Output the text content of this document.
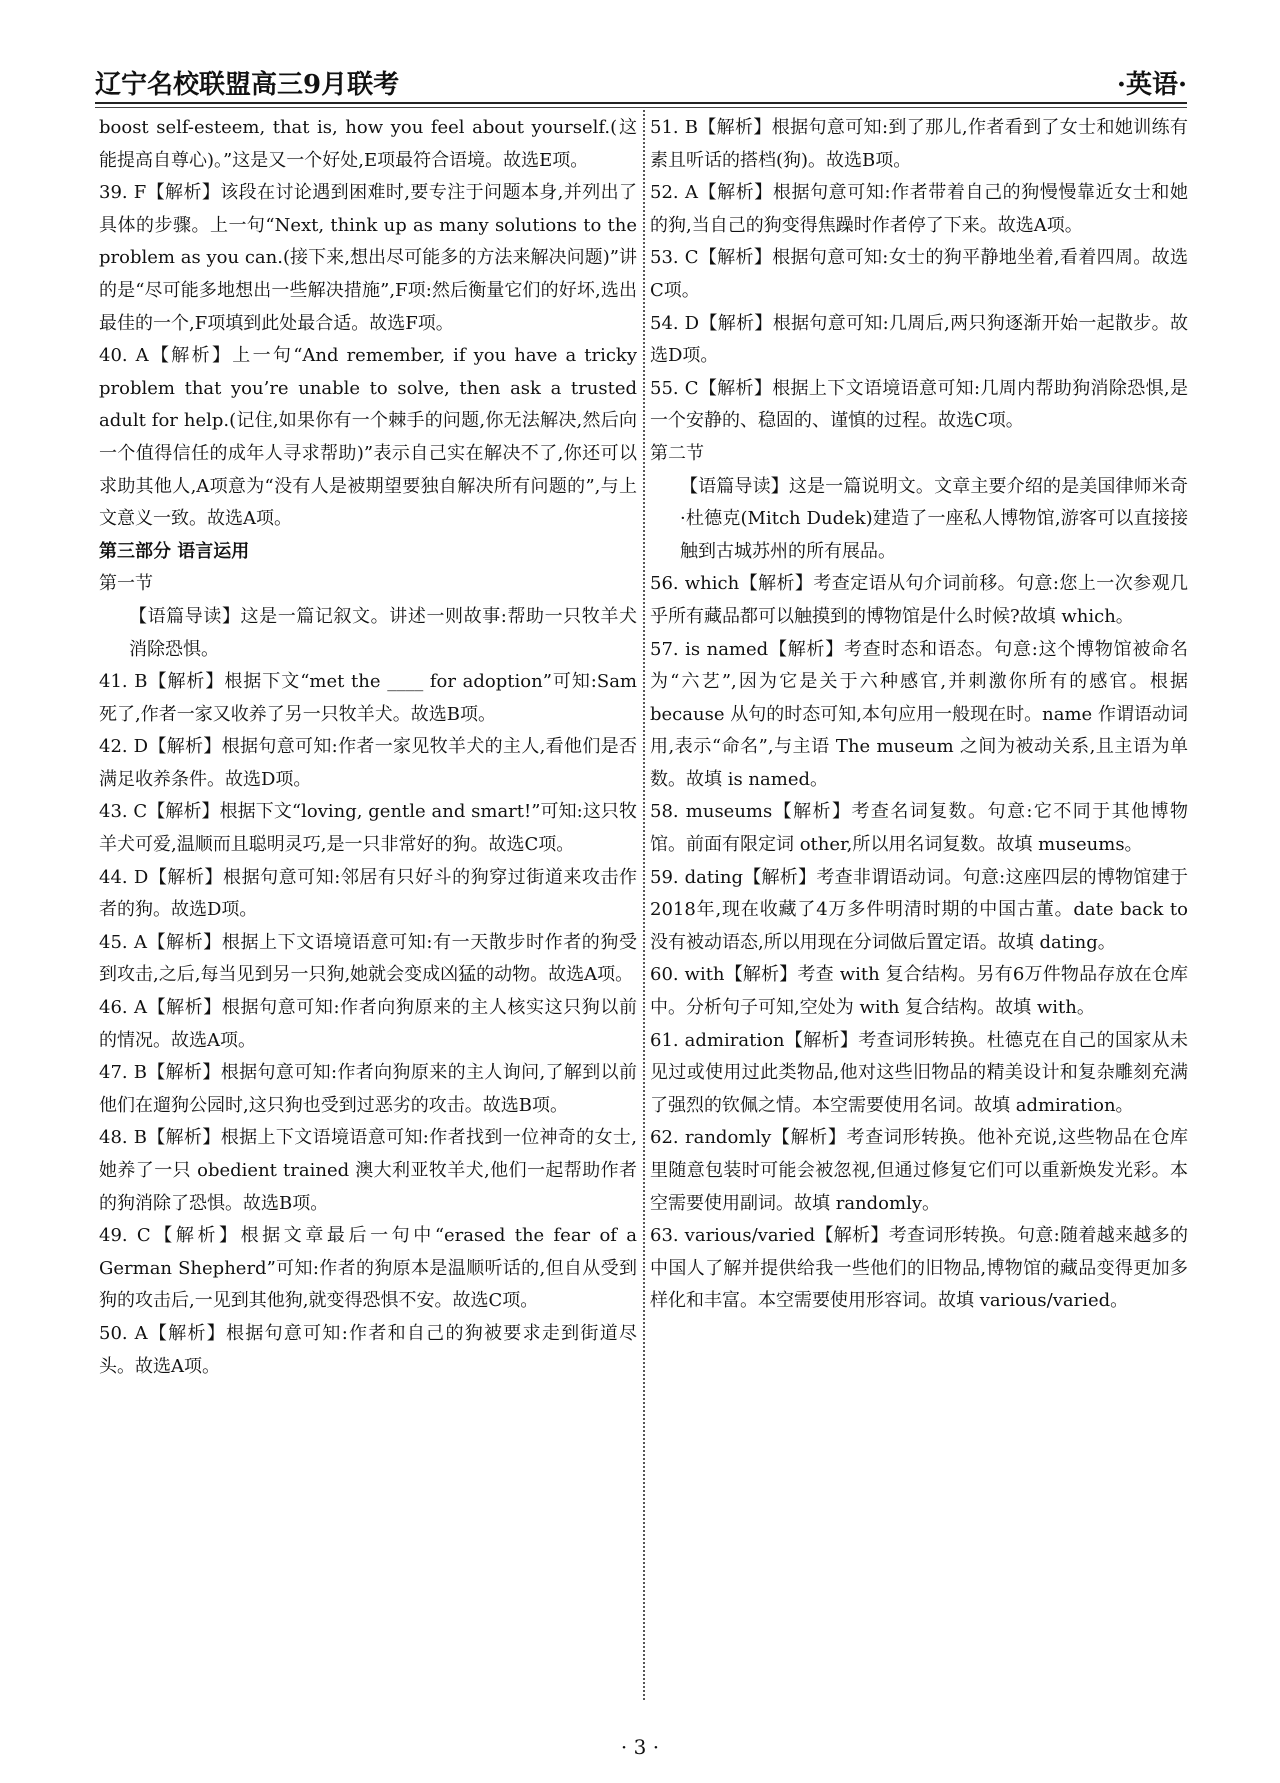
辽宁名校联盟高三9月联考	·英语·
boost self-esteem, that is, how you feel about yourself.(这能提高自尊心)。”这是又一个好处,E项最符合语境。故选E项。
39. F【解析】该段在讨论遇到困难时,要专注于问题本身,并列出了具体的步骤。上一句“Next, think up as many solutions to the problem as you can.(接下来,想出尽可能多的方法来解决问题)”讲的是“尽可能多地想出一些解决措施”,F项:然后衡量它们的好坏,选出最佳的一个,F项填到此处最合适。故选F项。
40. A【解析】上一句“And remember, if you have a tricky problem that you’re unable to solve, then ask a trusted adult for help.(记住,如果你有一个棘手的问题,你无法解决,然后向一个值得信任的成年人寻求帮助)”表示自己实在解决不了,你还可以求助其他人,A项意为“没有人是被期望要独自解决所有问题的”,与上文意义一致。故选A项。
第三部分 语言运用
第一节
【语篇导读】这是一篇记叙文。讲述一则故事:帮助一只牧羊犬消除恐惧。
41. B【解析】根据下文“met the ____ for adoption”可知:Sam死了,作者一家又收养了另一只牧羊犬。故选B项。
42. D【解析】根据句意可知:作者一家见牧羊犬的主人,看他们是否满足收养条件。故选D项。
43. C【解析】根据下文“loving, gentle and smart!”可知:这只牧羊犬可爱,温顺而且聪明灵巧,是一只非常好的狗。故选C项。
44. D【解析】根据句意可知:邻居有只好斗的狗穿过街道来攻击作者的狗。故选D项。
45. A【解析】根据上下文语境语意可知:有一天散步时作者的狗受到攻击,之后,每当见到另一只狗,她就会变成凶猛的动物。故选A项。
46. A【解析】根据句意可知:作者向狗原来的主人核实这只狗以前的情况。故选A项。
47. B【解析】根据句意可知:作者向狗原来的主人询问,了解到以前他们在遛狗公园时,这只狗也受到过恶劣的攻击。故选B项。
48. B【解析】根据上下文语境语意可知:作者找到一位神奇的女士,她养了一只 obedient trained 澳大利亚牧羊犬,他们一起帮助作者的狗消除了恐惧。故选B项。
49. C【解析】根据文章最后一句中“erased the fear of a German Shepherd”可知:作者的狗原本是温顺听话的,但自从受到狗的攻击后,一见到其他狗,就变得恐惧不安。故选C项。
50. A【解析】根据句意可知:作者和自己的狗被要求走到街道尽头。故选A项。
51. B【解析】根据句意可知:到了那儿,作者看到了女士和她训练有素且听话的搭档(狗)。故选B项。
52. A【解析】根据句意可知:作者带着自己的狗慢慢靠近女士和她的狗,当自己的狗变得焦躁时作者停了下来。故选A项。
53. C【解析】根据句意可知:女士的狗平静地坐着,看着四周。故选C项。
54. D【解析】根据句意可知:几周后,两只狗逐渐开始一起散步。故选D项。
55. C【解析】根据上下文语境语意可知:几周内帮助狗消除恐惧,是一个安静的、稳固的、谨慎的过程。故选C项。
第二节
【语篇导读】这是一篇说明文。文章主要介绍的是美国律师米奇·杜德克(Mitch Dudek)建造了一座私人博物馆,游客可以直接接触到古城苏州的所有展品。
56. which【解析】考查定语从句介词前移。句意:您上一次参观几乎所有藏品都可以触摸到的博物馆是什么时候?故填 which。
57. is named【解析】考查时态和语态。句意:这个博物馆被命名为“六艺”,因为它是关于六种感官,并刺激你所有的感官。根据 because 从句的时态可知,本句应用一般现在时。name 作谓语动词用,表示“命名”,与主语 The museum 之间为被动关系,且主语为单数。故填 is named。
58. museums【解析】考查名词复数。句意:它不同于其他博物馆。前面有限定词 other,所以用名词复数。故填 museums。
59. dating【解析】考查非谓语动词。句意:这座四层的博物馆建于2018年,现在收藏了4万多件明清时期的中国古董。date back to 没有被动语态,所以用现在分词做后置定语。故填 dating。
60. with【解析】考查 with 复合结构。另有6万件物品存放在仓库中。分析句子可知,空处为 with 复合结构。故填 with。
61. admiration【解析】考查词形转换。杜德克在自己的国家从未见过或使用过此类物品,他对这些旧物品的精美设计和复杂雕刻充满了强烈的钦佩之情。本空需要使用名词。故填 admiration。
62. randomly【解析】考查词形转换。他补充说,这些物品在仓库里随意包装时可能会被忽视,但通过修复它们可以重新焕发光彩。本空需要使用副词。故填 randomly。
63. various/varied【解析】考查词形转换。句意:随着越来越多的中国人了解并提供给我一些他们的旧物品,博物馆的藏品变得更加多样化和丰富。本空需要使用形容词。故填 various/varied。
· 3 ·
